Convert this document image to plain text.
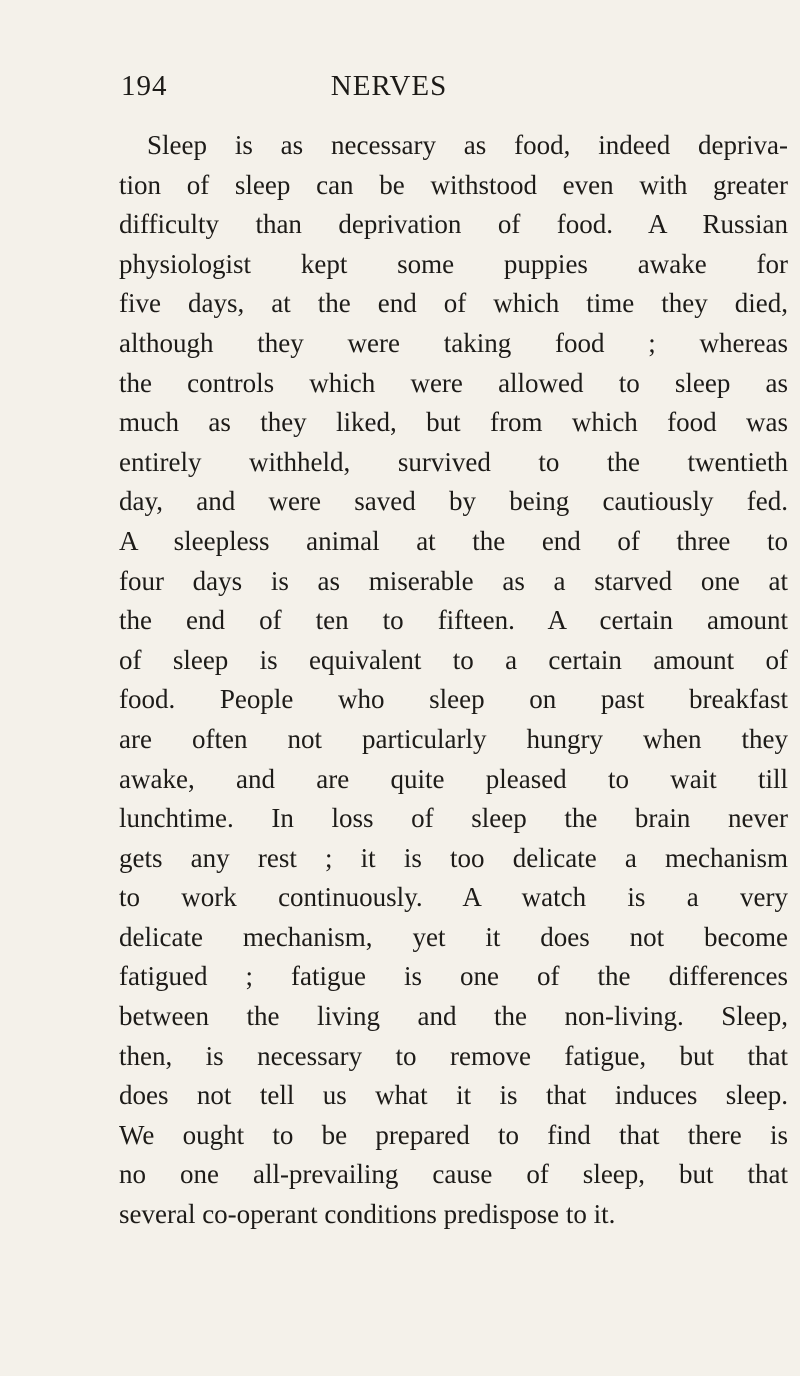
194	NERVES
Sleep is as necessary as food, indeed depriva-
tion of sleep can be withstood even with greater
difficulty than deprivation of food. A Russian
physiologist kept some puppies awake for
five days, at the end of which time they died,
although they were taking food ; whereas
the controls which were allowed to sleep as
much as they liked, but from which food was
entirely withheld, survived to the twentieth
day, and were saved by being cautiously fed.
A sleepless animal at the end of three to
four days is as miserable as a starved one at
the end of ten to fifteen. A certain amount
of sleep is equivalent to a certain amount of
food. People who sleep on past breakfast
are often not particularly hungry when they
awake, and are quite pleased to wait till
lunchtime. In loss of sleep the brain never
gets any rest ; it is too delicate a mechanism
to work continuously. A watch is a very
delicate mechanism, yet it does not become
fatigued ; fatigue is one of the differences
between the living and the non-living. Sleep,
then, is necessary to remove fatigue, but that
does not tell us what it is that induces sleep.
We ought to be prepared to find that there is
no one all-prevailing cause of sleep, but that
several co-operant conditions predispose to it.
